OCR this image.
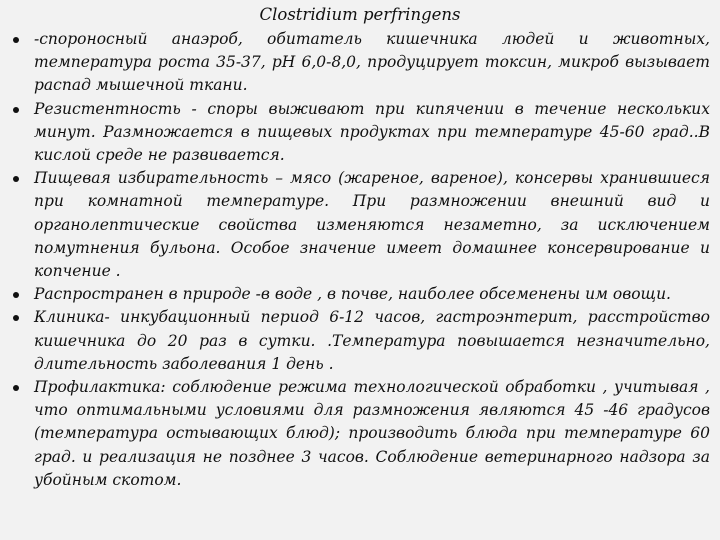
Clostridium perfringens
-спороносный анаэроб, обитатель кишечника людей и животных, температура роста 35-37, рН 6,0-8,0, продуцирует токсин, микроб вызывает распад мышечной ткани.
Резистентность - споры выживают при кипячении в течение нескольких минут. Размножается в пищевых продуктах при температуре 45-60 град..В кислой среде не развивается.
Пищевая избирательность – мясо (жареное, вареное), консервы хранившиеся при комнатной температуре. При размножении внешний вид и органолептические свойства изменяются незаметно, за исключением помутнения бульона. Особое значение имеет домашнее консервирование и копчение .
Распространен в природе -в воде , в почве, наиболее обсеменены им овощи.
Клиника- инкубационный период 6-12 часов, гастроэнтерит, расстройство кишечника до 20 раз в сутки. .Температура повышается незначительно, длительность заболевания 1 день .
Профилактика: соблюдение режима технологической обработки , учитывая , что оптимальными условиями для размножения являются 45 -46 градусов (температура остывающих блюд); производить блюда при температуре 60 град. и реализация не позднее 3 часов. Соблюдение ветеринарного надзора за убойным скотом.
